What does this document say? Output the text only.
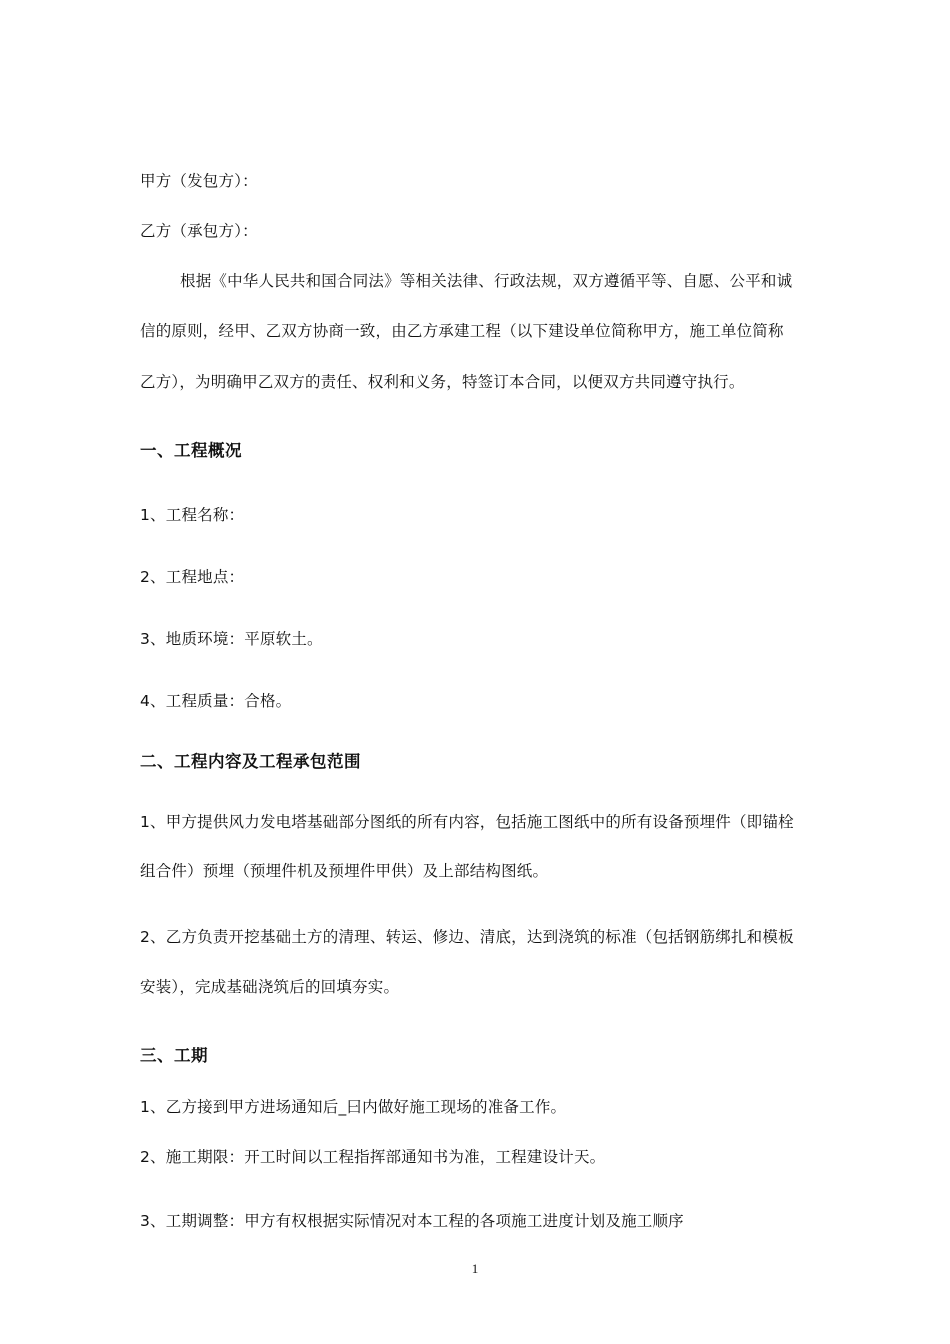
甲方（发包方）：

乙方（承包方）：

根据《中华人民共和国合同法》等相关法律、行政法规，双方遵循平等、自愿、公平和诚

信的原则，经甲、乙双方协商一致，由乙方承建工程（以下建设单位简称甲方，施工单位简称

乙方），为明确甲乙双方的责任、权利和义务，特签订本合同，以便双方共同遵守执行。

一、工程概况

1、工程名称：

2、工程地点：

3、地质环境：平原软土。

4、工程质量：合格。

二、工程内容及工程承包范围

1、甲方提供风力发电塔基础部分图纸的所有内容，包括施工图纸中的所有设备预埋件（即锚栓

组合件）预埋（预埋件机及预埋件甲供）及上部结构图纸。

2、乙方负责开挖基础土方的清理、转运、修边、清底，达到浇筑的标准（包括钢筋绑扎和模板

安装），完成基础浇筑后的回填夯实。

三、工期

1、乙方接到甲方进场通知后_曰内做好施工现场的准备工作。

2、施工期限：开工时间以工程指挥部通知书为准，工程建设计天。

3、工期调整：甲方有权根据实际情况对本工程的各项施工进度计划及施工顺序

1
